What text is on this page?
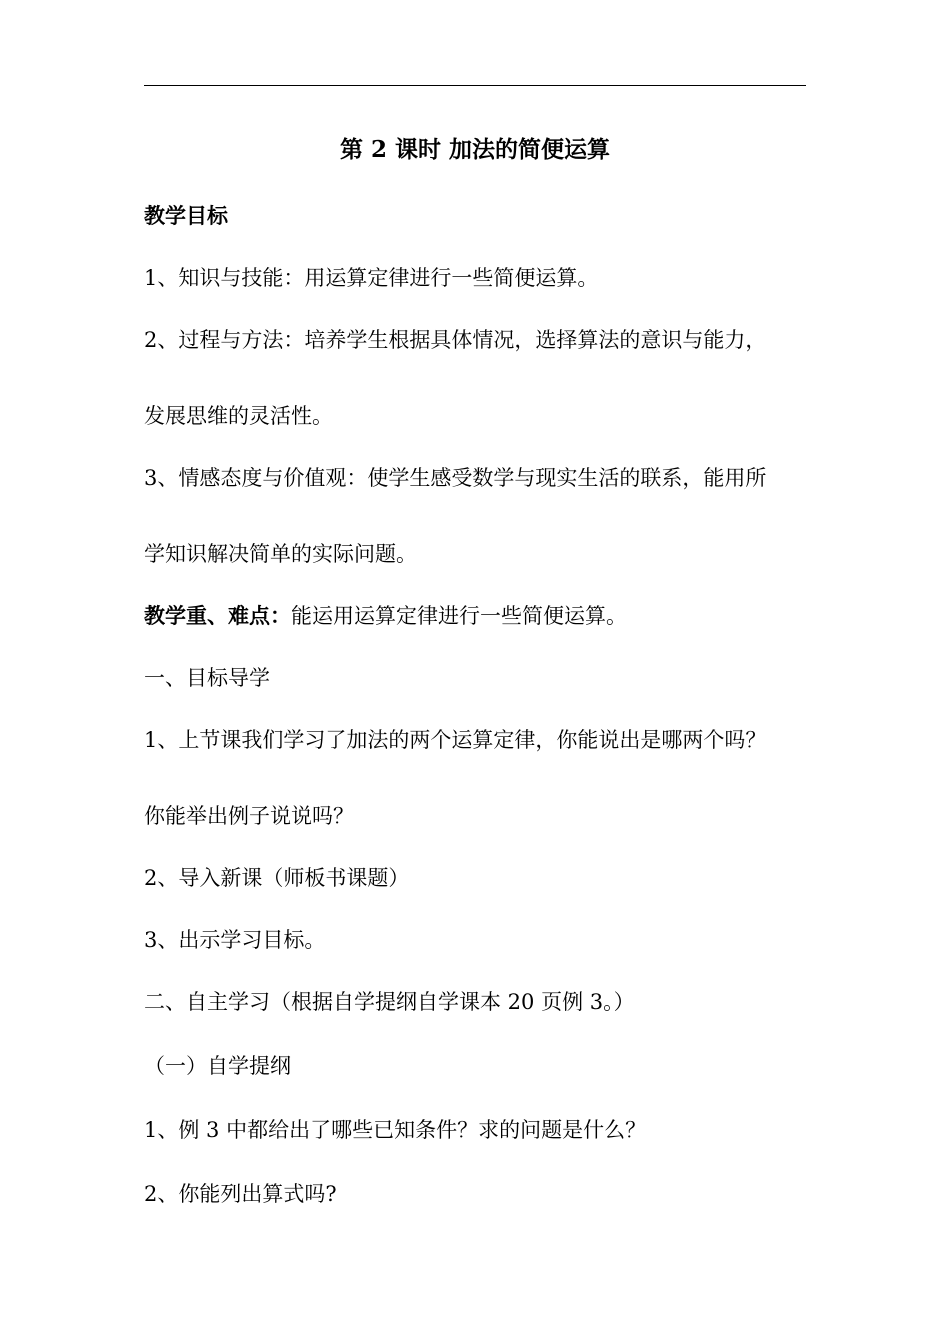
第 2 课时 加法的简便运算
教学目标
1、知识与技能：用运算定律进行一些简便运算。
2、过程与方法：培养学生根据具体情况，选择算法的意识与能力，
发展思维的灵活性。
3、情感态度与价值观：使学生感受数学与现实生活的联系，能用所
学知识解决简单的实际问题。
教学重、难点：能运用运算定律进行一些简便运算。
一、目标导学
1、上节课我们学习了加法的两个运算定律，你能说出是哪两个吗？
你能举出例子说说吗？
2、导入新课（师板书课题）
3、出示学习目标。
二、自主学习（根据自学提纲自学课本 20 页例 3。）
（一）自学提纲
1、例 3 中都给出了哪些已知条件？求的问题是什么？
2、你能列出算式吗?
